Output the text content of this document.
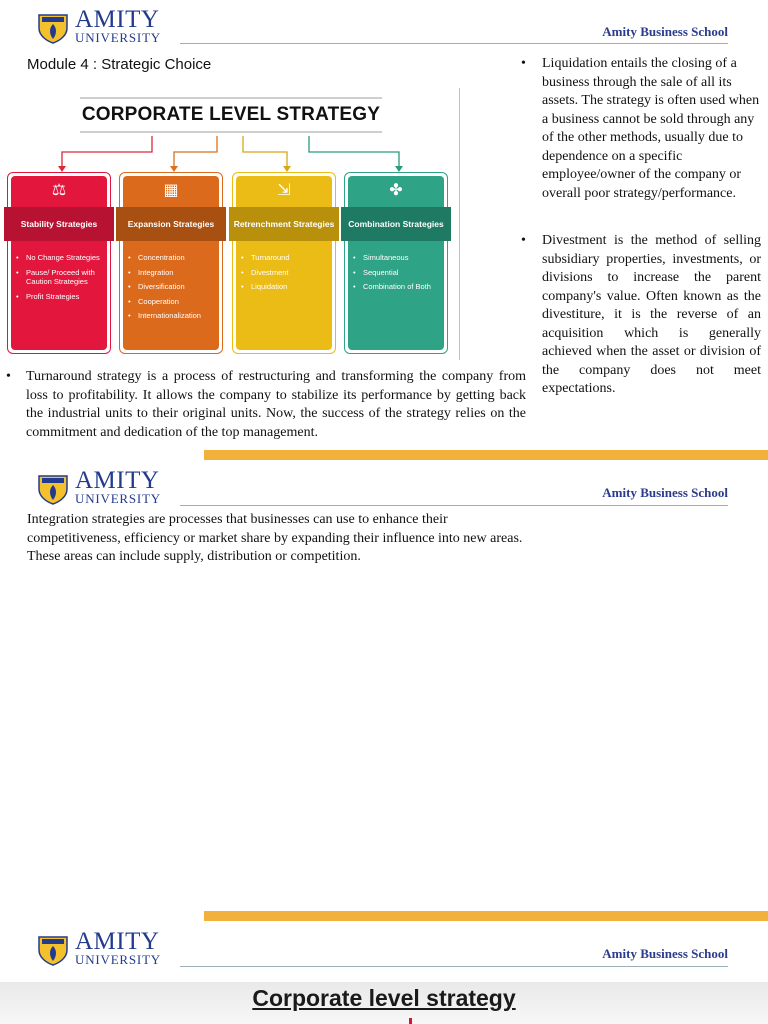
AMITY
UNIVERSITY	Amity Business School
Module 4 : Strategic Choice
CORPORATE LEVEL STRATEGY
⚖
Stability Strategies
• No Change Strategies
• Pause/ Proceed with Caution Strategies
• Profit Strategies
▦
Expansion Strategies
• Concentration
• Integration
• Diversification
• Cooperation
• Internationalization
⇲
Retrenchment Strategies
• Turnaround
• Divestment
• Liquidation
✤
Combination Strategies
• Simultaneous
• Sequential
• Combination of Both
• Liquidation entails the closing of a business through the sale of all its assets. The strategy is often used when a business cannot be sold through any of the other methods, usually due to dependence on a specific employee/owner of the company or overall poor strategy/performance.
• Divestment is the method of selling subsidiary properties, investments, or divisions to increase the parent company's value. Often known as the divestiture, it is the reverse of an acquisition which is generally achieved when the asset or division of the company does not meet expectations.
• Turnaround strategy is a process of restructuring and transforming the company from loss to profitability. It allows the company to stabilize its performance by getting back the industrial units to their original units. Now, the success of the strategy relies on the commitment and dedication of the top management.
AMITY
UNIVERSITY	Amity Business School
Integration strategies are processes that businesses can use to enhance their competitiveness, efficiency or market share by expanding their influence into new areas. These areas can include supply, distribution or competition.
AMITY
UNIVERSITY	Amity Business School
Corporate level strategy
